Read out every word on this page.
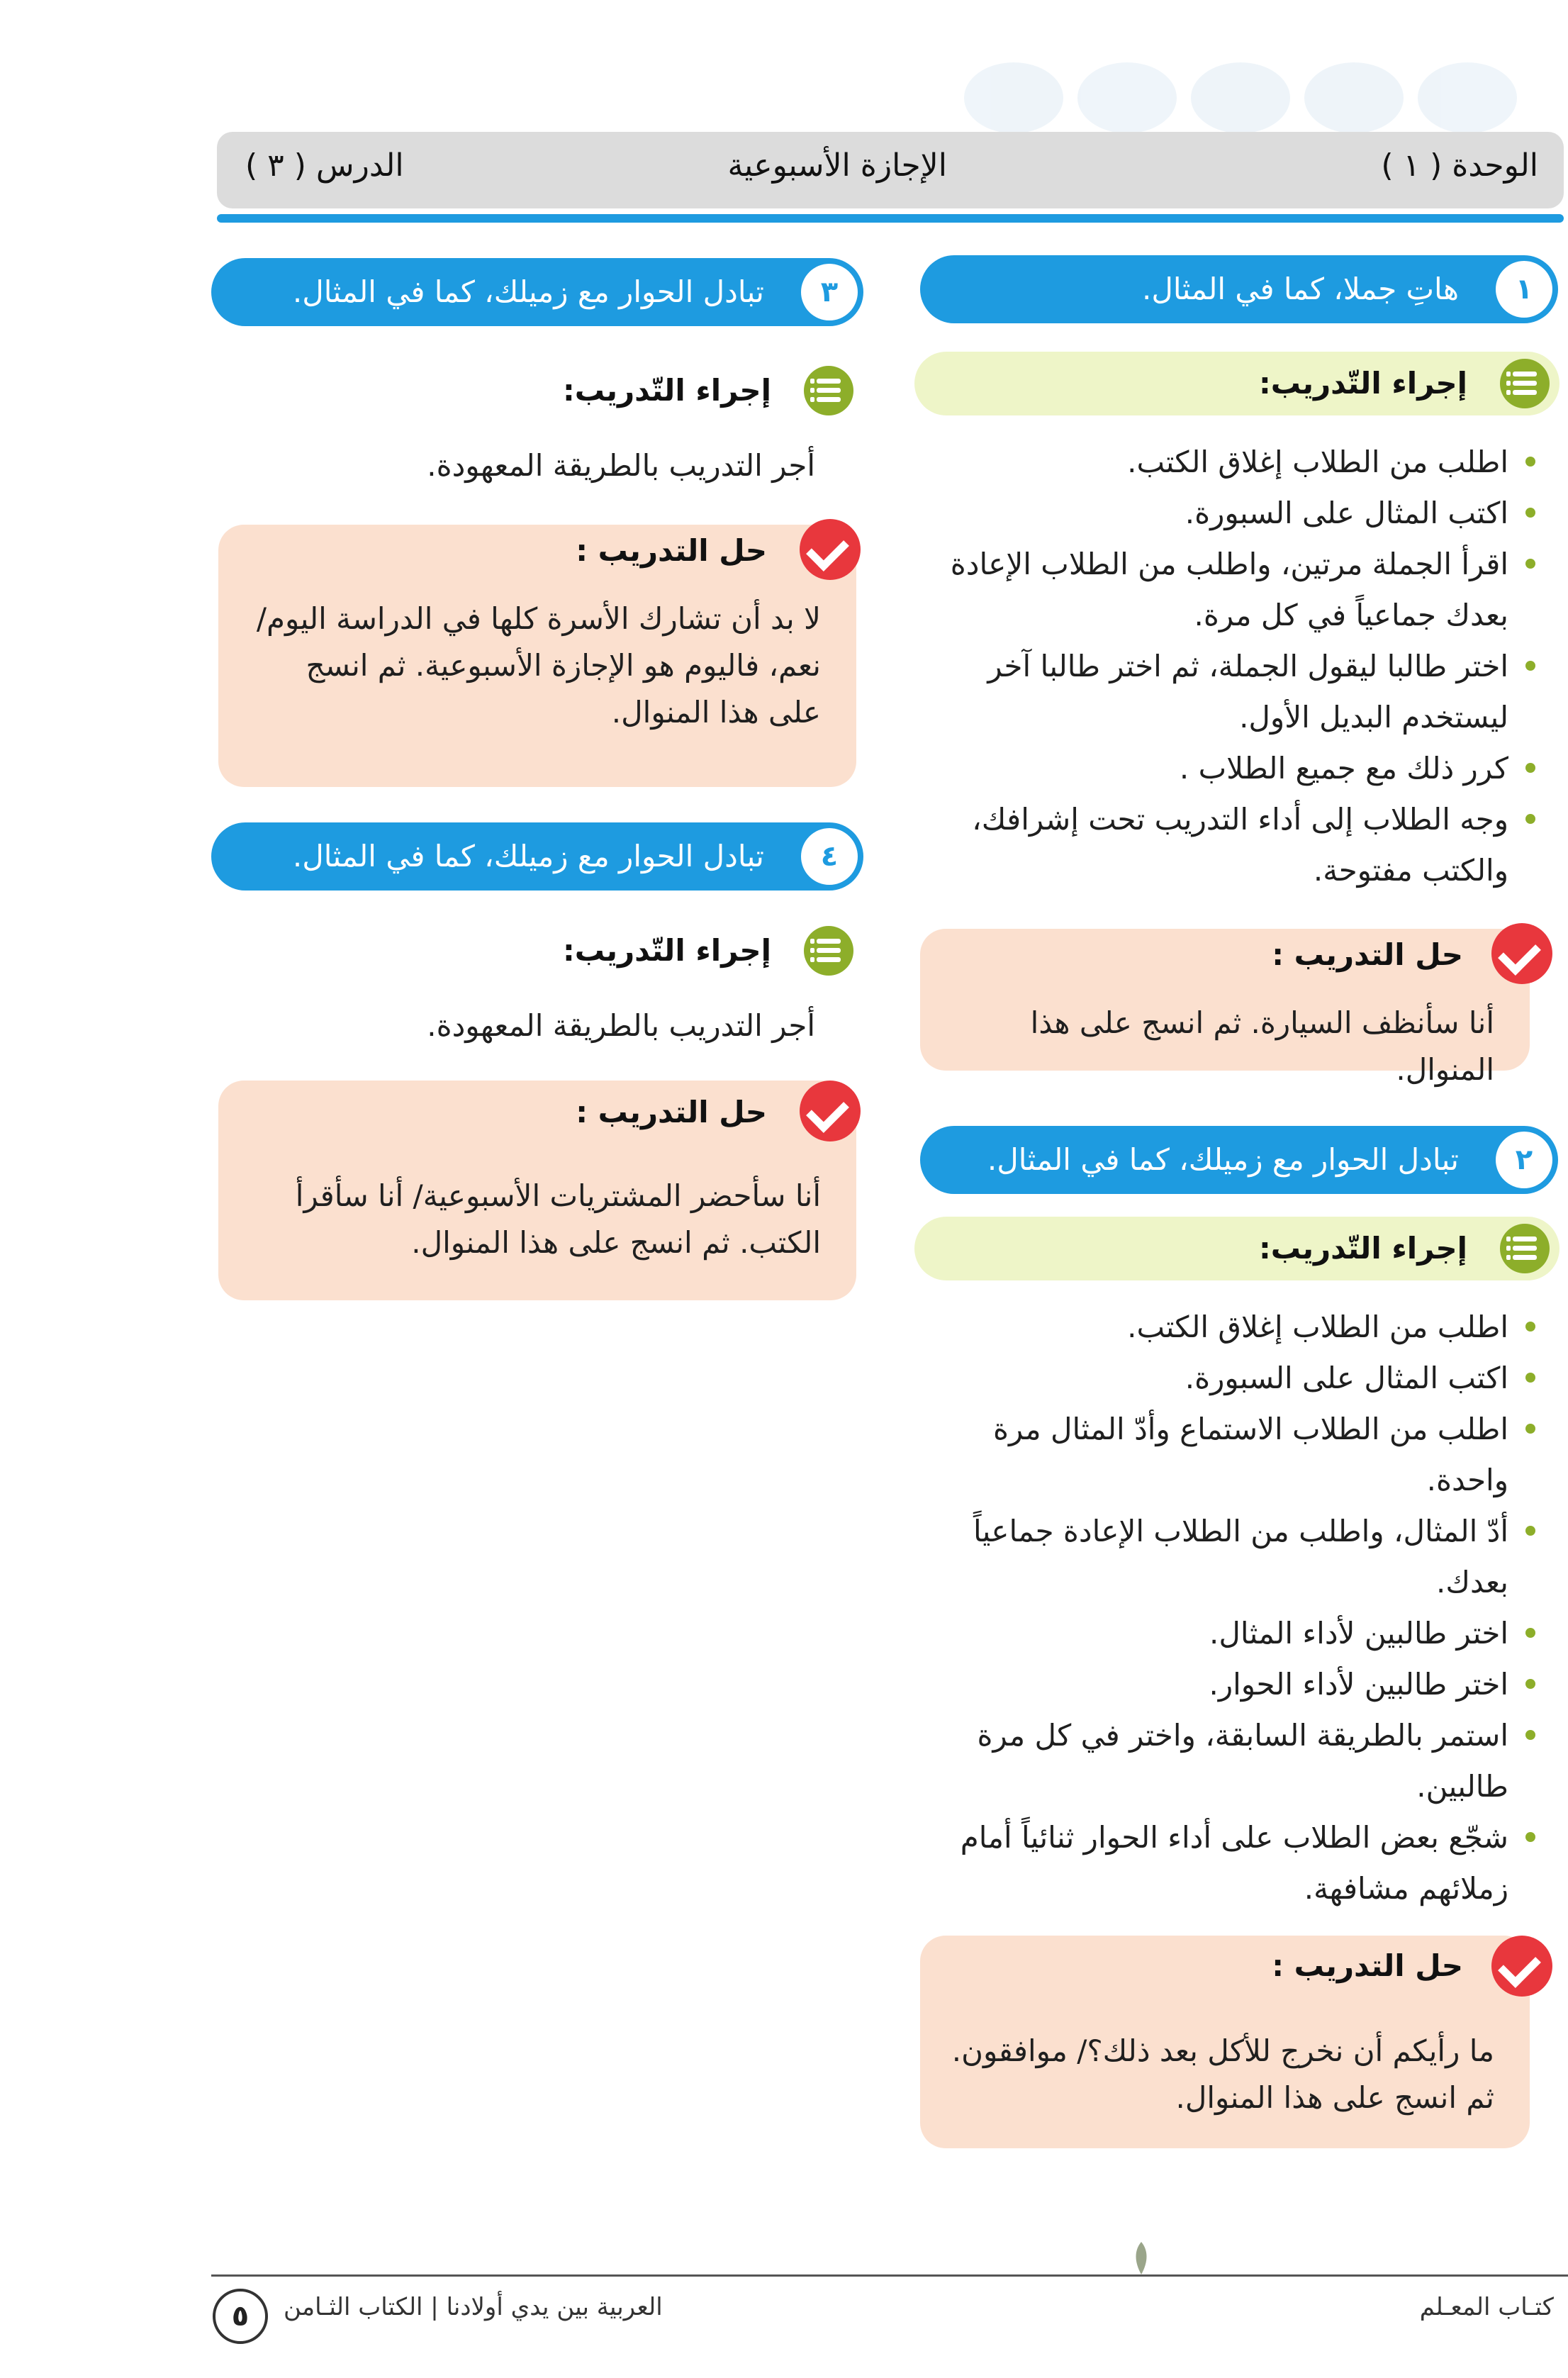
الوحدة ( ١ )
الإجازة الأسبوعية
الدرس ( ٣ )
١
هاتِ جملا، كما في المثال.
إجراء التّدريب:
اطلب من الطلاب إغلاق الكتب.
اكتب المثال على السبورة.
اقرأ الجملة مرتين، واطلب من الطلاب الإعادة بعدك جماعياً في كل مرة.
اختر طالبا ليقول الجملة، ثم اختر طالبا آخر ليستخدم البديل الأول.
كرر ذلك مع جميع الطلاب .
وجه الطلاب إلى أداء التدريب تحت إشرافك، والكتب مفتوحة.
أنا سأنظف السيارة. ثم انسج على هذا المنوال.
حل التدريب :
٢
تبادل الحوار مع زميلك، كما في المثال.
إجراء التّدريب:
اطلب من الطلاب إغلاق الكتب.
اكتب المثال على السبورة.
اطلب من الطلاب الاستماع وأدّ المثال مرة واحدة.
أدّ المثال، واطلب من الطلاب الإعادة جماعياً بعدك.
اختر طالبين لأداء المثال.
اختر طالبين لأداء الحوار.
استمر بالطريقة السابقة، واختر في كل مرة طالبين.
شجّع بعض الطلاب على أداء الحوار ثنائياً أمام زملائهم مشافهة.
ما رأيكم أن نخرج للأكل بعد ذلك؟/ موافقون. ثم انسج على هذا المنوال.
حل التدريب :
٣
تبادل الحوار مع زميلك، كما في المثال.
إجراء التّدريب:
أجر التدريب بالطريقة المعهودة.
لا بد أن تشارك الأسرة كلها في الدراسة اليوم/ نعم، فاليوم هو الإجازة الأسبوعية. ثم انسج على هذا المنوال.
حل التدريب :
٤
تبادل الحوار مع زميلك، كما في المثال.
إجراء التّدريب:
أجر التدريب بالطريقة المعهودة.
أنا سأحضر المشتريات الأسبوعية/ أنا سأقرأ الكتب. ثم انسج على هذا المنوال.
حل التدريب :
كتـاب المعـلم
العربية بين يدي أولادنا | الكتاب الثـامن
٥
